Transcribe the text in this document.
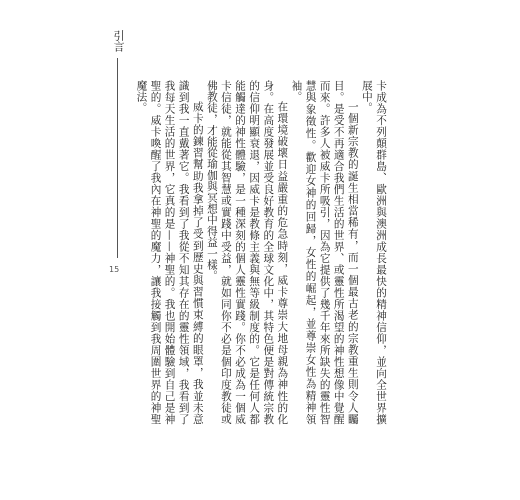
引言
15	卡成為不列顛群島、歐洲與澳洲成長最快的精神信仰，並向全世界擴展中。

一個新宗教的誕生相當稀有，而一個最古老的宗教重生則令人矚目。是受不再適合我們生活的世界、或靈性所渴望的神性想像中覺醒而來。許多人被威卡所吸引，因為它提供了幾千年來所缺失的靈性智慧與象徵性。歡迎女神的回歸，女性的崛起，並尊崇女性為精神領袖。

在環境破壞日益嚴重的危急時刻，威卡尊崇大地母親為神性的化身。在高度發展並受良好教育的全球文化中，其特色便是對傳統宗教的信仰明顯衰退，因威卡是教條主義與無等級制度的。它是任何人都能觸達的神性體驗，是一種深刻的個人靈性實踐。你不必成為一個威卡信徒，就能從其智慧或實踐中受益，就如同你不必是個印度教徒或佛教徒，才能從瑜伽與冥想中得益一樣。

威卡的鍊習幫助我拿掉了受到歷史與習慣束縛的眼罩，我並未意識到我一直戴著它。我看到了我從不知其存在的靈性領域，我看到了我每天生活的世界，它真的是——神聖的。我也開始體驗到自己是神聖的。威卡喚醒了我內在神聖的魔力，讓我接觸到我周圍世界的神聖魔法。
